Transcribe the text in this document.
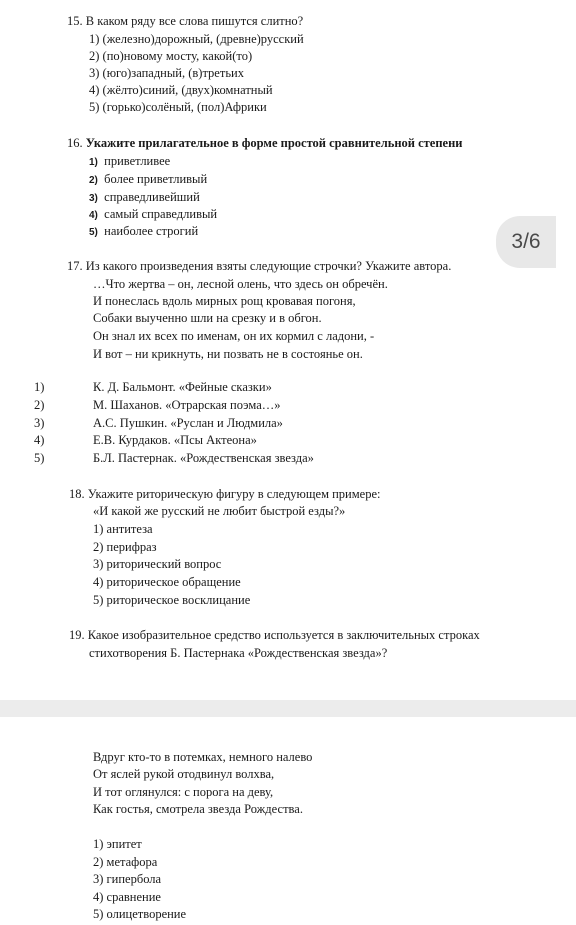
15. В каком ряду все слова пишутся слитно?
1) (железно)дорожный, (древне)русский
2) (по)новому мосту, какой(то)
3) (юго)западный, (в)третьих
4) (жёлто)синий, (двух)комнатный
5) (горько)солёный, (пол)Африки
16. Укажите прилагательное в форме простой сравнительной степени
1) приветливее
2) более приветливый
3) справедливейший
4) самый справедливый
5) наиболее строгий
17. Из какого произведения взяты следующие строчки? Укажите автора.
…Что жертва – он, лесной олень, что здесь он обречён.
И понеслась вдоль мирных рощ кровавая погоня,
Собаки выученно шли на срезку и в обгон.
Он знал их всех по именам, он их кормил с ладони, -
И вот – ни крикнуть, ни позвать не в состоянье он.
1)	К. Д. Бальмонт. «Фейные сказки»
2)	М. Шаханов. «Отрарская поэма…»
3)	А.С. Пушкин. «Руслан и Людмила»
4)	Е.В. Курдаков. «Псы Актеона»
5)	Б.Л. Пастернак. «Рождественская звезда»
18. Укажите риторическую фигуру в следующем примере:
«И какой же русский не любит быстрой езды?»
1) антитеза
2) перифраз
3) риторический вопрос
4) риторическое обращение
5) риторическое восклицание
19. Какое изобразительное средство используется в заключительных строках
стихотворения Б. Пастернака «Рождественская звезда»?
Вдруг кто-то в потемках, немного налево
От яслей рукой отодвинул волхва,
И тот оглянулся: с порога на деву,
Как гостья, смотрела звезда Рождества.
1) эпитет
2) метафора
3) гипербола
4) сравнение
5) олицетворение
3/6
